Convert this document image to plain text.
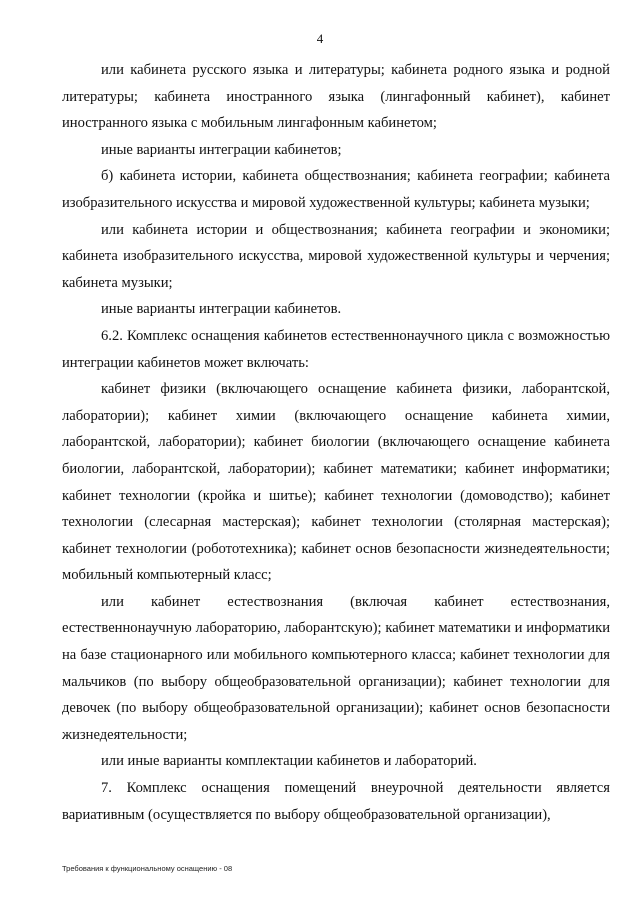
4

или кабинета русского языка и литературы; кабинета родного языка и родной литературы; кабинета иностранного языка (лингафонный кабинет), кабинет иностранного языка с мобильным лингафонным кабинетом;

иные варианты интеграции кабинетов;

б) кабинета истории, кабинета обществознания; кабинета географии; кабинета изобразительного искусства и мировой художественной культуры; кабинета музыки;

или кабинета истории и обществознания; кабинета географии и экономики; кабинета изобразительного искусства, мировой художественной культуры и черчения; кабинета музыки;

иные варианты интеграции кабинетов.

6.2. Комплекс оснащения кабинетов естественнонаучного цикла с возможностью интеграции кабинетов может включать:

кабинет физики (включающего оснащение кабинета физики, лаборантской, лаборатории); кабинет химии (включающего оснащение кабинета химии, лаборантской, лаборатории); кабинет биологии (включающего оснащение кабинета биологии, лаборантской, лаборатории); кабинет математики; кабинет информатики; кабинет технологии (кройка и шитье); кабинет технологии (домоводство); кабинет технологии (слесарная мастерская); кабинет технологии (столярная мастерская); кабинет технологии (робототехника); кабинет основ безопасности жизнедеятельности; мобильный компьютерный класс;

или кабинет естествознания (включая кабинет естествознания, естественнонаучную лабораторию, лаборантскую); кабинет математики и информатики на базе стационарного или мобильного компьютерного класса; кабинет технологии для мальчиков (по выбору общеобразовательной организации); кабинет технологии для девочек (по выбору общеобразовательной организации); кабинет основ безопасности жизнедеятельности;

или иные варианты комплектации кабинетов и лабораторий.

7. Комплекс оснащения помещений внеурочной деятельности является вариативным (осуществляется по выбору общеобразовательной организации),

Требования к функциональному оснащению - 08
